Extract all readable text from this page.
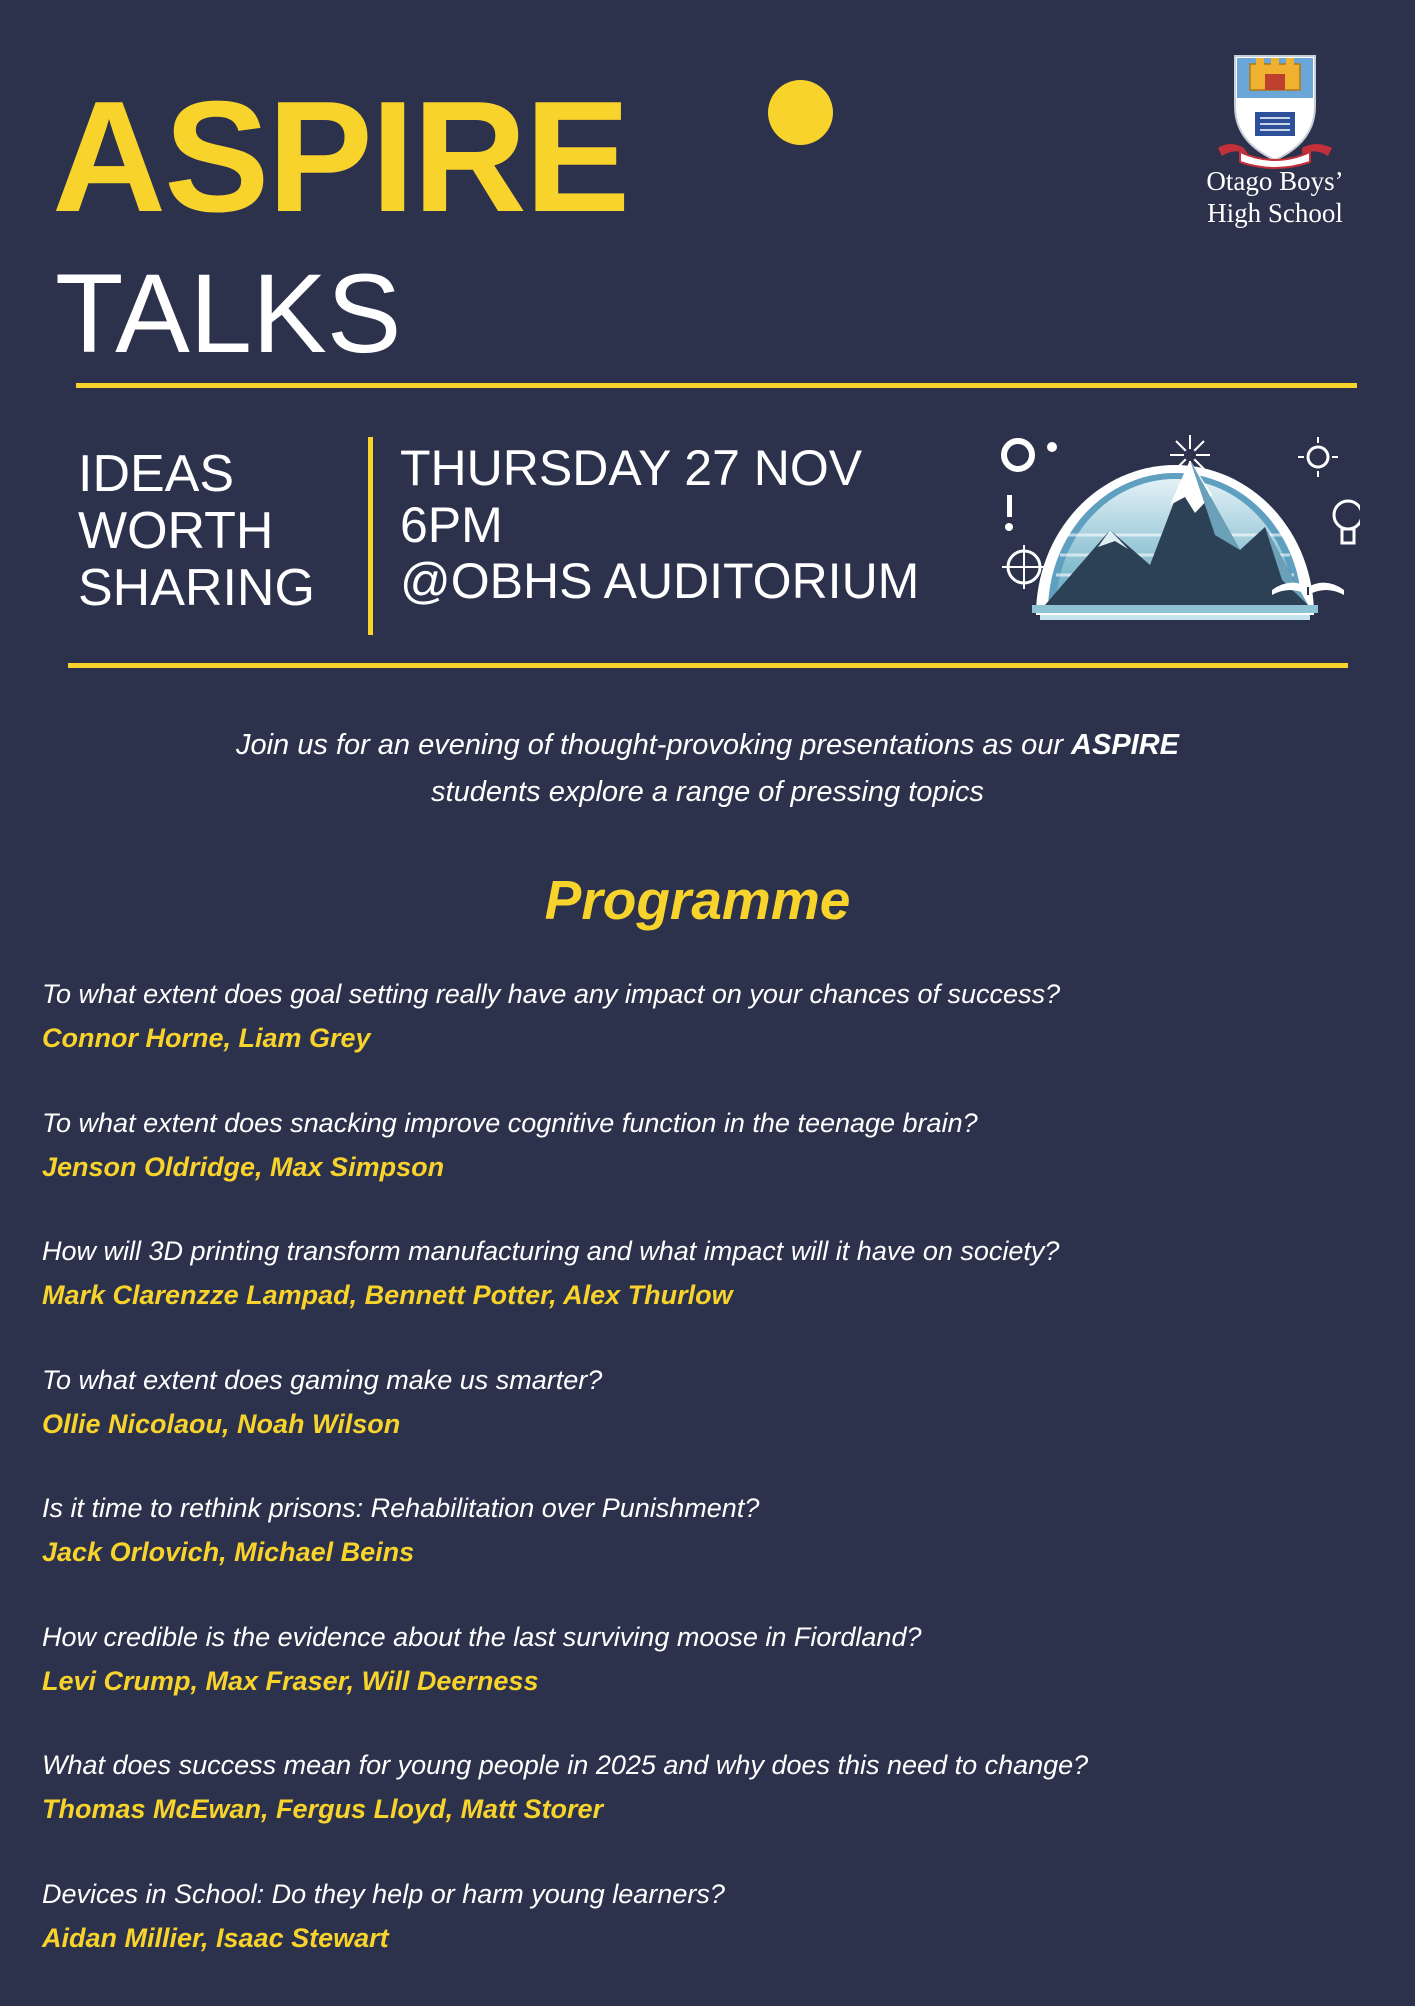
ASPIRE
TALKS
Otago Boys’
High School
IDEAS
WORTH
SHARING
THURSDAY 27 NOV
6PM
@OBHS AUDITORIUM
Join us for an evening of thought-provoking presentations as our ASPIRE
students explore a range of pressing topics
Programme
To what extent does goal setting really have any impact on your chances of success?
Connor Horne, Liam Grey
To what extent does snacking improve cognitive function in the teenage brain?
Jenson Oldridge, Max Simpson
How will 3D printing transform manufacturing and what impact will it have on society?
Mark Clarenzze Lampad, Bennett Potter, Alex Thurlow
To what extent does gaming make us smarter?
Ollie Nicolaou, Noah Wilson
Is it time to rethink prisons: Rehabilitation over Punishment?
Jack Orlovich, Michael Beins
How credible is the evidence about the last surviving moose in Fiordland?
Levi Crump, Max Fraser, Will Deerness
What does success mean for young people in 2025 and why does this need to change?
Thomas McEwan, Fergus Lloyd, Matt Storer
Devices in School: Do they help or harm young learners?
Aidan Millier, Isaac Stewart
